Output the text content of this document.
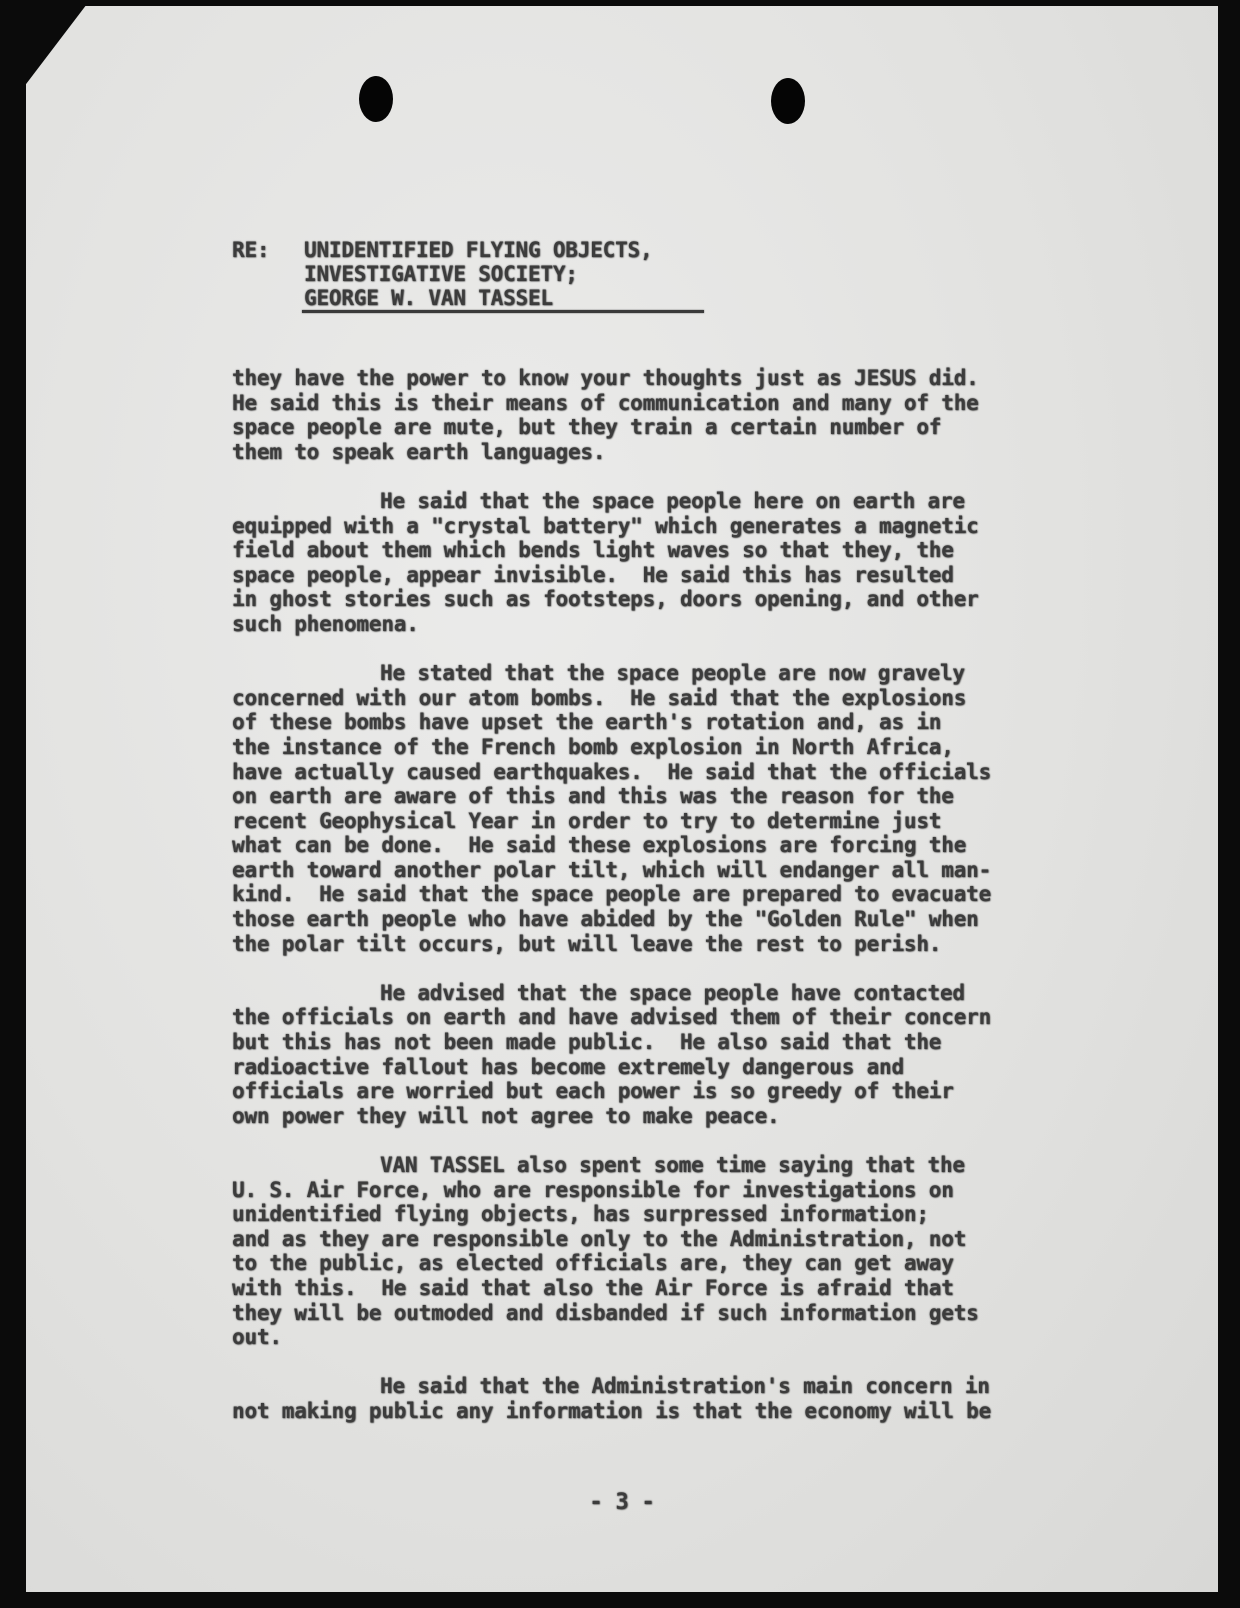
RE: UNIDENTIFIED FLYING OBJECTS,
INVESTIGATIVE SOCIETY;
GEORGE W. VAN TASSEL
they have the power to know your thoughts just as JESUS did.
He said this is their means of communication and many of the
space people are mute, but they train a certain number of
them to speak earth languages.
He said that the space people here on earth are
equipped with a "crystal battery" which generates a magnetic
field about them which bends light waves so that they, the
space people, appear invisible.  He said this has resulted
in ghost stories such as footsteps, doors opening, and other
such phenomena.
He stated that the space people are now gravely
concerned with our atom bombs.  He said that the explosions
of these bombs have upset the earth's rotation and, as in
the instance of the French bomb explosion in North Africa,
have actually caused earthquakes.  He said that the officials
on earth are aware of this and this was the reason for the
recent Geophysical Year in order to try to determine just
what can be done.  He said these explosions are forcing the
earth toward another polar tilt, which will endanger all man-
kind.  He said that the space people are prepared to evacuate
those earth people who have abided by the "Golden Rule" when
the polar tilt occurs, but will leave the rest to perish.
He advised that the space people have contacted
the officials on earth and have advised them of their concern
but this has not been made public.  He also said that the
radioactive fallout has become extremely dangerous and
officials are worried but each power is so greedy of their
own power they will not agree to make peace.
VAN TASSEL also spent some time saying that the
U. S. Air Force, who are responsible for investigations on
unidentified flying objects, has surpressed information;
and as they are responsible only to the Administration, not
to the public, as elected officials are, they can get away
with this.  He said that also the Air Force is afraid that
they will be outmoded and disbanded if such information gets
out.
He said that the Administration's main concern in
not making public any information is that the economy will be
- 3 -
